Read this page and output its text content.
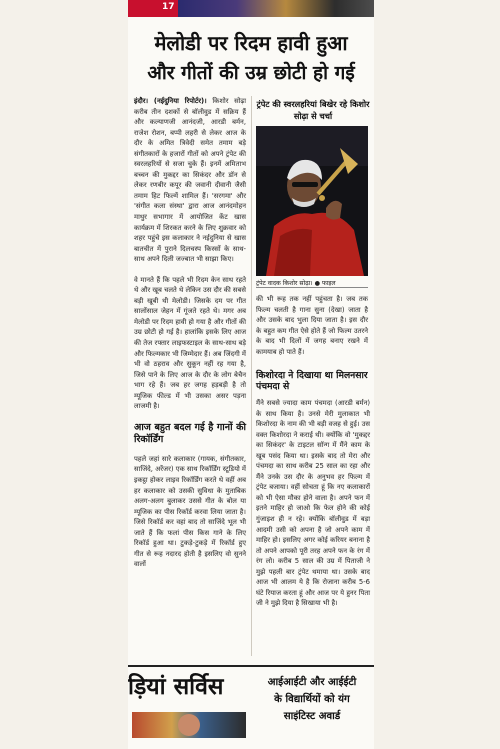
17
मेलोडी पर रिदम हावी हुआ
और गीतों की उम्र छोटी हो गई

इंदौर। (नईदुनिया रिपोर्टर)। किशोर सोढ़ा करीब तीन दशकों से बॉलीवुड में सक्रिय हैं और कल्याणजी आनंदजी, आरडी बर्मन, राजेश रोशन, बप्पी लहरी से लेकर आज के दौर के अमित त्रिवेदी समेत तमाम बड़े संगीतकारों के हजारों गीतों को अपने ट्रंपेट की स्वरलहरियों से सजा चुके हैं। इनमें अमिताभ बच्चन की मुकद्दर का सिकंदर और डॉन से लेकर रणबीर कपूर की जवानी दीवानी जैसी तमाम हिट फिल्में शामिल हैं। 'सरगमा' और 'संगीत कला संस्था' द्वारा आज आनंदमोहन माथुर सभागार में आयोजित केंट खास कार्यक्रम में शिरकत करने के लिए शुक्रवार को शहर पहुंचे इस कलाकार ने नईदुनिया से खास बातचीत में पुराने दिलचस्प किस्सों के साथ-साथ अपने दिली जज्बात भी साझा किए।

वे मानते हैं कि पहले भी रिदम केन साथ रहते थे और खूब चलते थे लेकिन उस दौर की सबसे बड़ी खूबी थी मेलोडी। जिसके दम पर गीत सालोंसाल जेहन में गूंजते रहते थे। मगर अब मेलोडी पर रिदम हावी हो गया है और गीतों की उम्र छोटी हो गई है। हालांकि इसके लिए आज की तेज रफ्तार लाइफस्टाइल के साथ-साथ बड़े और फिल्मकार भी जिम्मेदार हैं। अब जिंदगी में भी वो ठहराव और सुकून नहीं रह गया है, जिसे पाने के लिए आज के दौर के लोग बेचैन भाग रहे हैं। जब हर जगह हड़बड़ी है तो म्यूजिक फील्ड में भी उसका असर पड़ना लाजमी है।

आज बहुत बदल गई है गानों की रिकॉर्डिंग

पहले जहां सारे कलाकार (गायक, संगीतकार, साजिंदे, अरेंजर) एक साथ रिकॉर्डिंग स्टूडियो में इकट्ठा होकर लाइव रिकॉर्डिंग करते थे वहीं अब हर कलाकार को उसकी सुविधा के मुताबिक अलग-अलग बुलाकर उससे गीत के बोल या म्यूजिक का पीस रिकॉर्ड करवा लिया जाता है। जिसे रिकॉर्ड कर वहां बाद तो साजिंदे भूल भी जाते हैं कि फलां पीस किस गाने के लिए रिकॉर्ड हुआ था। टुकड़े-टुकड़े में रिकॉर्ड हुए गीत से रूह नदारद होती है इसलिए वो सुनने वालों

ट्रंपेट की स्वरलहरियां बिखेर रहे किशोर सोढ़ा से चर्चा
ट्रंपेट वादक किशोर सोढ़ा। ● फाइल

की भी रूह तक नहीं पहुंचता है। जब तक फिल्म चलती है गाना सुना (देखा) जाता है और उसके बाद भुला दिया जाता है। इस दौर के बहुत कम गीत ऐसे होते हैं जो फिल्म उतरने के बाद भी दिलों में जगह बनाए रखने में कामयाब हो पाते हैं।

किशोरदा ने दिखाया था मिलनसार पंचमदा से

मैंने सबसे ज्यादा काम पंचमदा (आरडी बर्मन) के साथ किया है। उनसे मेरी मुलाकात भी किशोरदा के नाम की भी बड़ी वजह से हुई। उस वक्त किशोरदा ने कराई थी। क्योंकि वो 'मुकद्दर का सिकंदर' के टाइटल सॉन्ग में मैंने काम के खूब पसंद किया था। इसके बाद तो मेरा और पंचमदा का साथ करीब 25 साल का रहा और मैंने उनके उस दौर के अनुभव हर फिल्म में ट्रंपेट बजाया। वहीं सोचता हूं कि नए कलाकारों को भी ऐसा मौका होने वाला है। अपने फन में इतने माहिर हो जाओ कि फेल होने की कोई गुंजाइश ही न रहे। क्योंकि बॉलीवुड में बड़ा आदमी उसी को अपना है जो अपने काम में माहिर हो। इसलिए अगर कोई करियर बनाना है तो अपने आपको पूरी तरह अपने फन के रंग में रंग लो। करीब 5 साल की उम्र में पिताजी ने मुझे पहली बार ट्रंपेट थमाया था। उसके बाद आज भी आलम ये है कि रोजाना करीब 5-6 घंटे रियाज करता हूं और आज पर ये हुनर पिता जी ने मुझे दिया है सिखाया भी है।

ड़ियां सर्विस	आईआईटी और आईईटी
के विद्यार्थियों को यंग
साइंटिस्ट अवार्ड
